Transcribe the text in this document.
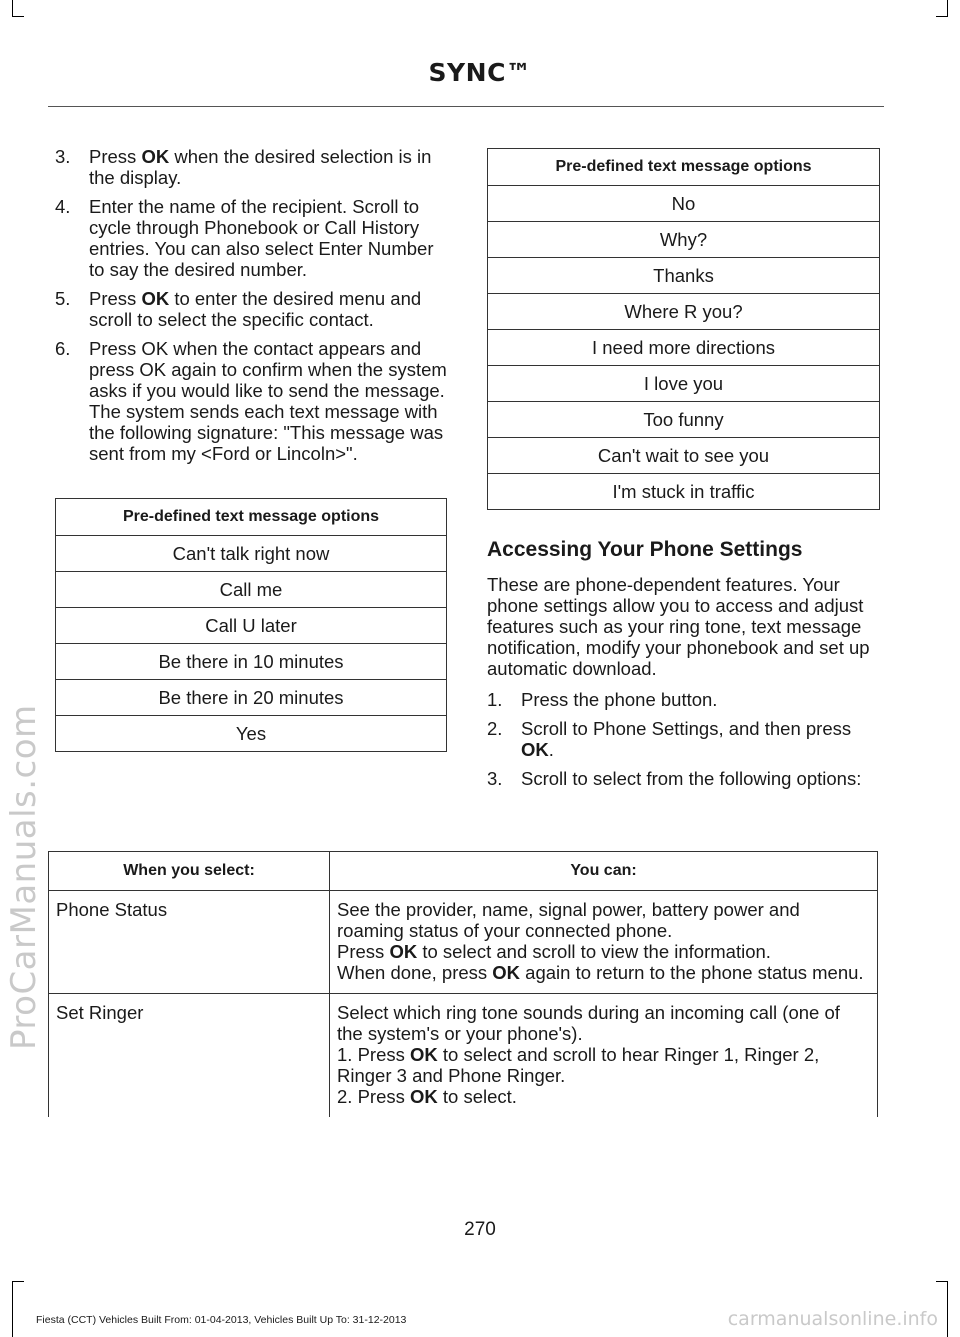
ProCarManuals.com
SYNC™
3. Press OK when the desired selection is in the display.
4. Enter the name of the recipient. Scroll to cycle through Phonebook or Call History entries. You can also select Enter Number to say the desired number.
5. Press OK to enter the desired menu and scroll to select the specific contact.
6. Press OK when the contact appears and press OK again to confirm when the system asks if you would like to send the message. The system sends each text message with the following signature: "This message was sent from my <Ford or Lincoln>".
Pre-defined text message options
Can't talk right now
Call me
Call U later
Be there in 10 minutes
Be there in 20 minutes
Yes
Pre-defined text message options
No
Why?
Thanks
Where R you?
I need more directions
I love you
Too funny
Can't wait to see you
I'm stuck in traffic
Accessing Your Phone Settings

These are phone-dependent features. Your phone settings allow you to access and adjust features such as your ring tone, text message notification, modify your phonebook and set up automatic download.

1. Press the phone button.
2. Scroll to Phone Settings, and then press OK.
3. Scroll to select from the following options:
When you select:	You can:
Phone Status	See the provider, name, signal power, battery power and roaming status of your connected phone.
Press OK to select and scroll to view the information.
When done, press OK again to return to the phone status menu.

Set Ringer	Select which ring tone sounds during an incoming call (one of the system's or your phone's).
1. Press OK to select and scroll to hear Ringer 1, Ringer 2, Ringer 3 and Phone Ringer.
2. Press OK to select.
270
Fiesta (CCT) Vehicles Built From: 01-04-2013, Vehicles Built Up To: 31-12-2013	carmanualsonline.info
